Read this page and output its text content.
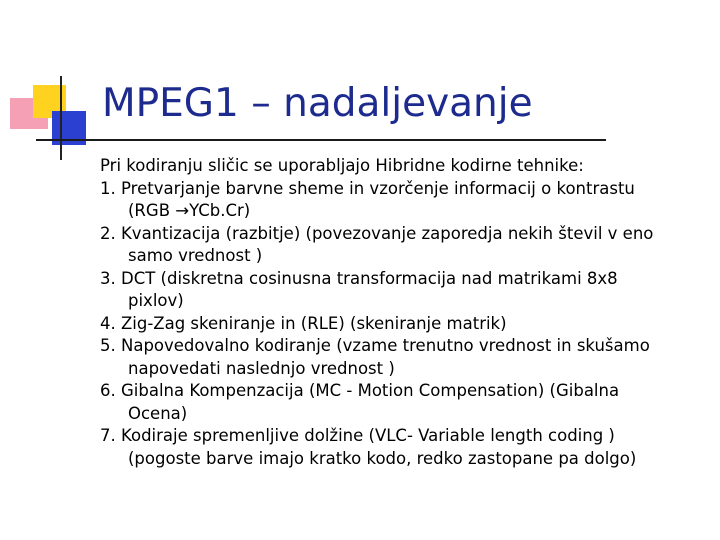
MPEG1 – nadaljevanje

Pri kodiranju sličic se uporabljajo Hibridne kodirne tehnike:

1. Pretvarjanje barvne sheme in vzorčenje informacij o kontrastu
(RGB →YCb.Cr)
2. Kvantizacija (razbitje) (povezovanje zaporedja nekih števil v eno
samo vrednost )
3. DCT (diskretna cosinusna transformacija nad matrikami 8x8
pixlov)
4. Zig-Zag skeniranje in (RLE) (skeniranje matrik)
5. Napovedovalno kodiranje (vzame trenutno vrednost in skušamo
napovedati naslednjo vrednost )
6. Gibalna Kompenzacija (MC - Motion Compensation) (Gibalna
Ocena)
7. Kodiraje spremenljive dolžine (VLC- Variable length coding )
(pogoste barve imajo kratko kodo, redko zastopane pa dolgo)
